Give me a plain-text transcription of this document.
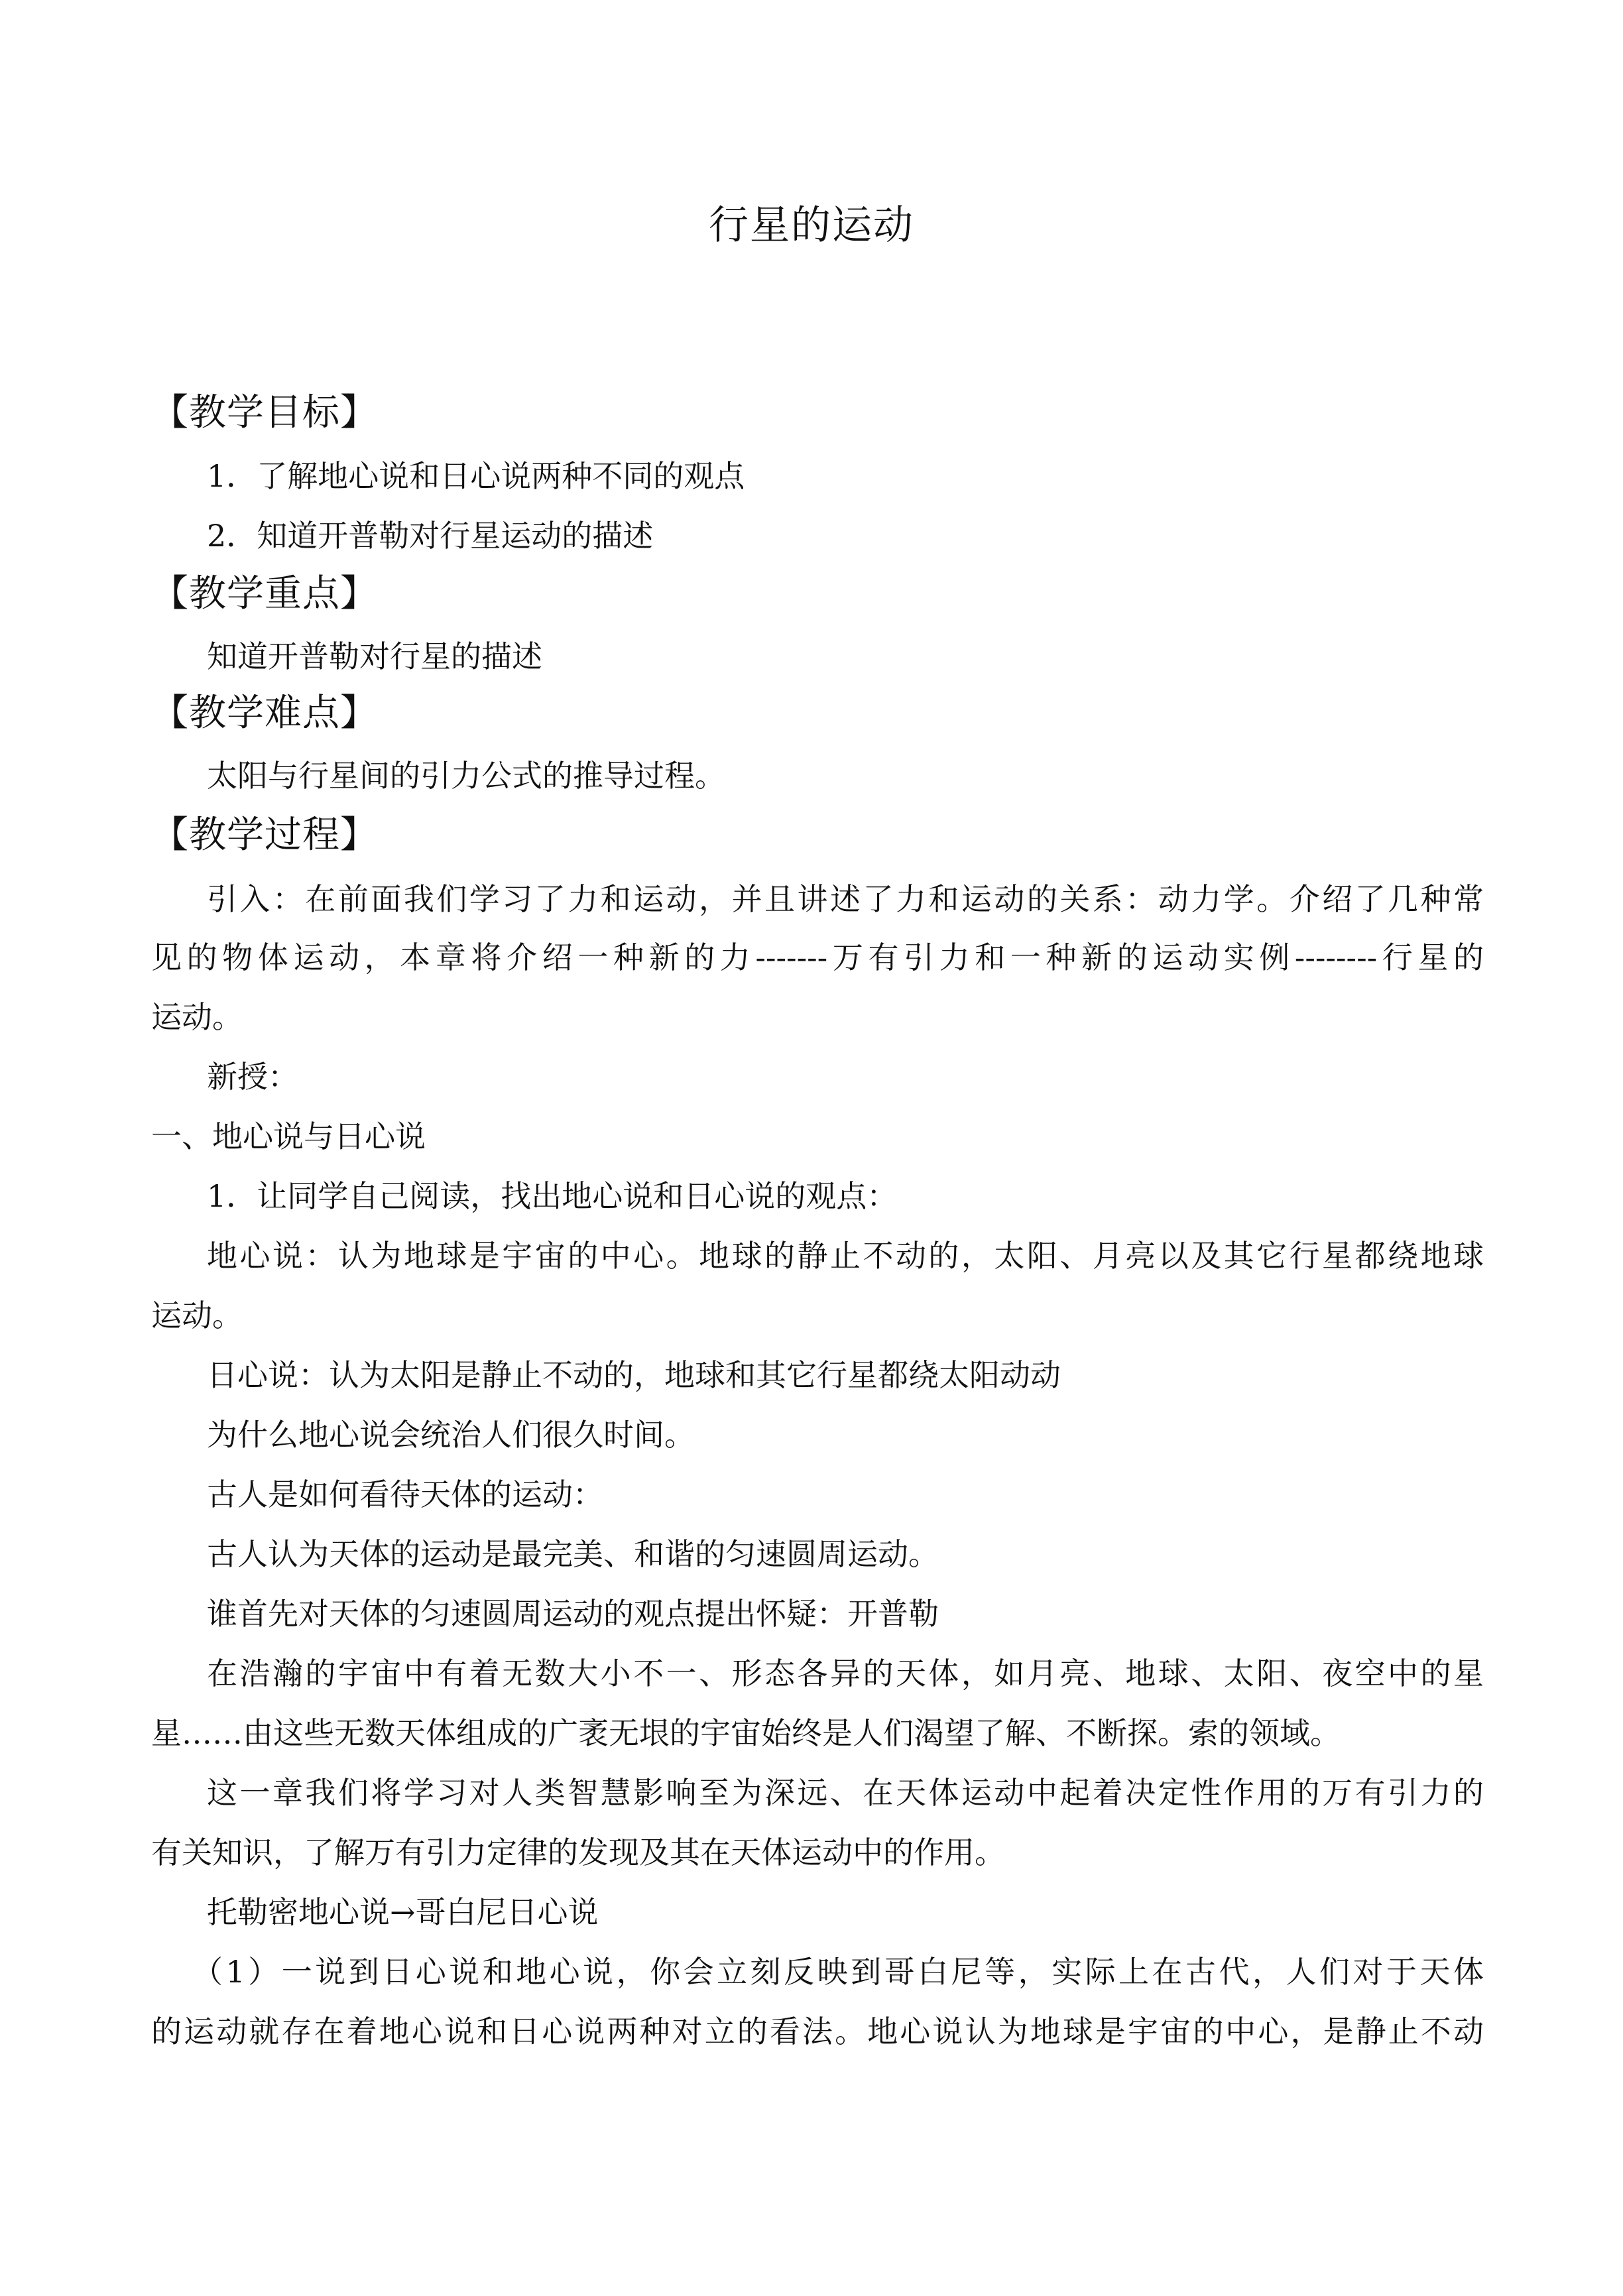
行星的运动
【教学目标】
1．了解地心说和日心说两种不同的观点
2．知道开普勒对行星运动的描述
【教学重点】
知道开普勒对行星的描述
【教学难点】
太阳与行星间的引力公式的推导过程。
【教学过程】
引入：在前面我们学习了力和运动，并且讲述了力和运动的关系：动力学。介绍了几种常
见的物体运动，本章将介绍一种新的力-------万有引力和一种新的运动实例--------行星的
运动。
新授：
一、地心说与日心说
1．让同学自己阅读，找出地心说和日心说的观点：
地心说：认为地球是宇宙的中心。地球的静止不动的，太阳、月亮以及其它行星都绕地球
运动。
日心说：认为太阳是静止不动的，地球和其它行星都绕太阳动动
为什么地心说会统治人们很久时间。
古人是如何看待天体的运动：
古人认为天体的运动是最完美、和谐的匀速圆周运动。
谁首先对天体的匀速圆周运动的观点提出怀疑：开普勒
在浩瀚的宇宙中有着无数大小不一、形态各异的天体，如月亮、地球、太阳、夜空中的星
星……由这些无数天体组成的广袤无垠的宇宙始终是人们渴望了解、不断探。索的领域。
这一章我们将学习对人类智慧影响至为深远、在天体运动中起着决定性作用的万有引力的
有关知识，了解万有引力定律的发现及其在天体运动中的作用。
托勒密地心说→哥白尼日心说
（1）一说到日心说和地心说，你会立刻反映到哥白尼等，实际上在古代，人们对于天体
的运动就存在着地心说和日心说两种对立的看法。地心说认为地球是宇宙的中心，是静止不动
